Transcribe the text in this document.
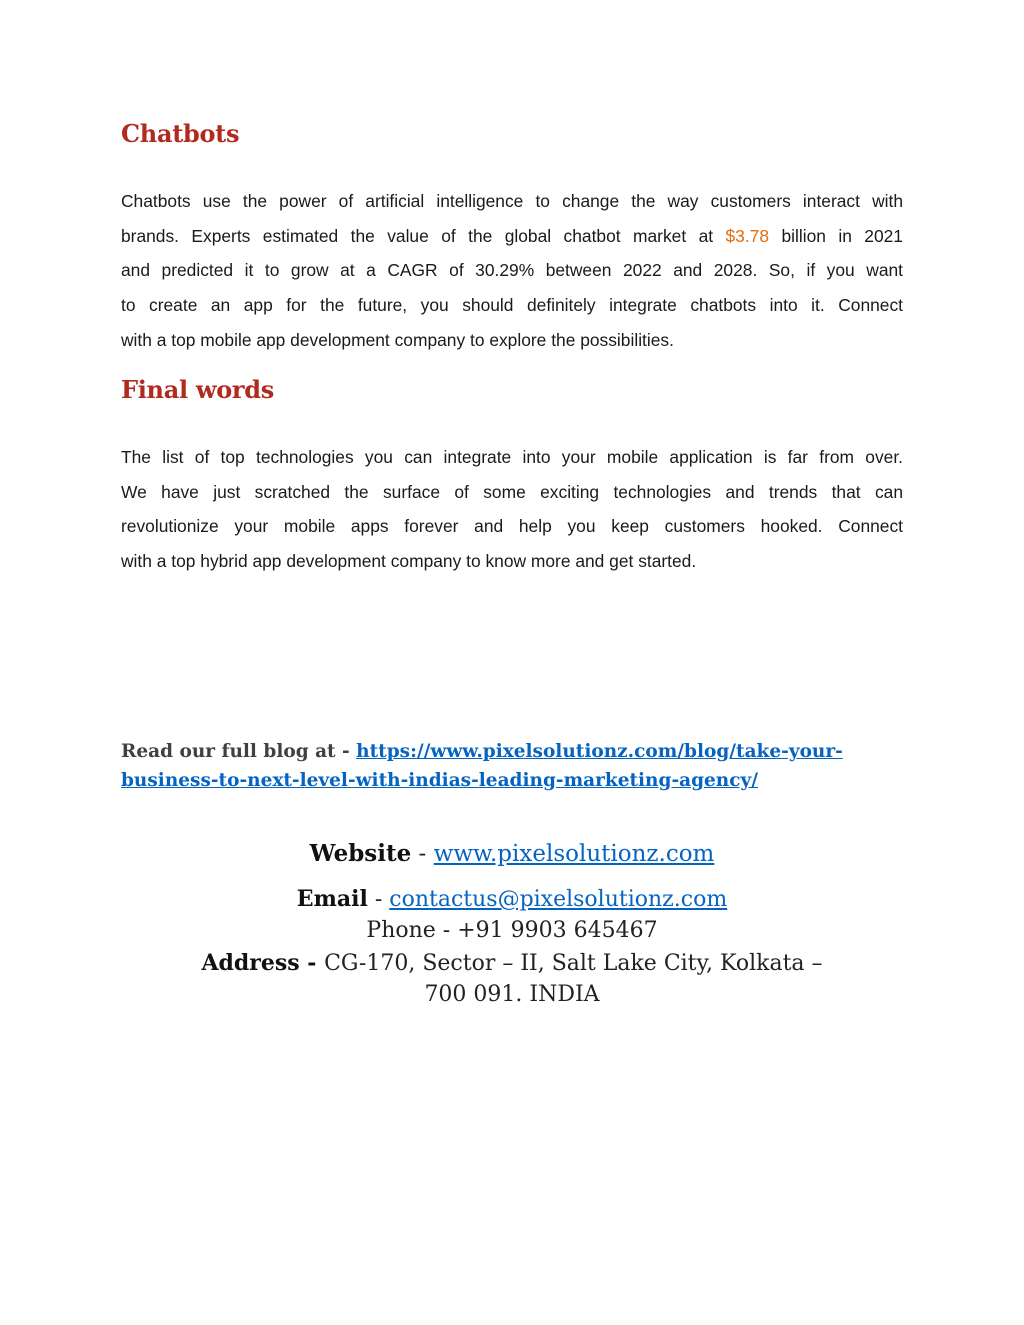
Chatbots
Chatbots use the power of artificial intelligence to change the way customers interact with
brands. Experts estimated the value of the global chatbot market at $3.78 billion in 2021
and predicted it to grow at a CAGR of 30.29% between 2022 and 2028. So, if you want
to create an app for the future, you should definitely integrate chatbots into it. Connect
with a top mobile app development company to explore the possibilities.
Final words
The list of top technologies you can integrate into your mobile application is far from over.
We have just scratched the surface of some exciting technologies and trends that can
revolutionize your mobile apps forever and help you keep customers hooked. Connect
with a top hybrid app development company to know more and get started.

Read our full blog at - https://www.pixelsolutionz.com/blog/take-your-
business-to-next-level-with-indias-leading-marketing-agency/

Website - www.pixelsolutionz.com

Email - contactus@pixelsolutionz.com

Phone - +91 9903 645467

Address - CG-170, Sector – II, Salt Lake City, Kolkata –

700 091. INDIA
